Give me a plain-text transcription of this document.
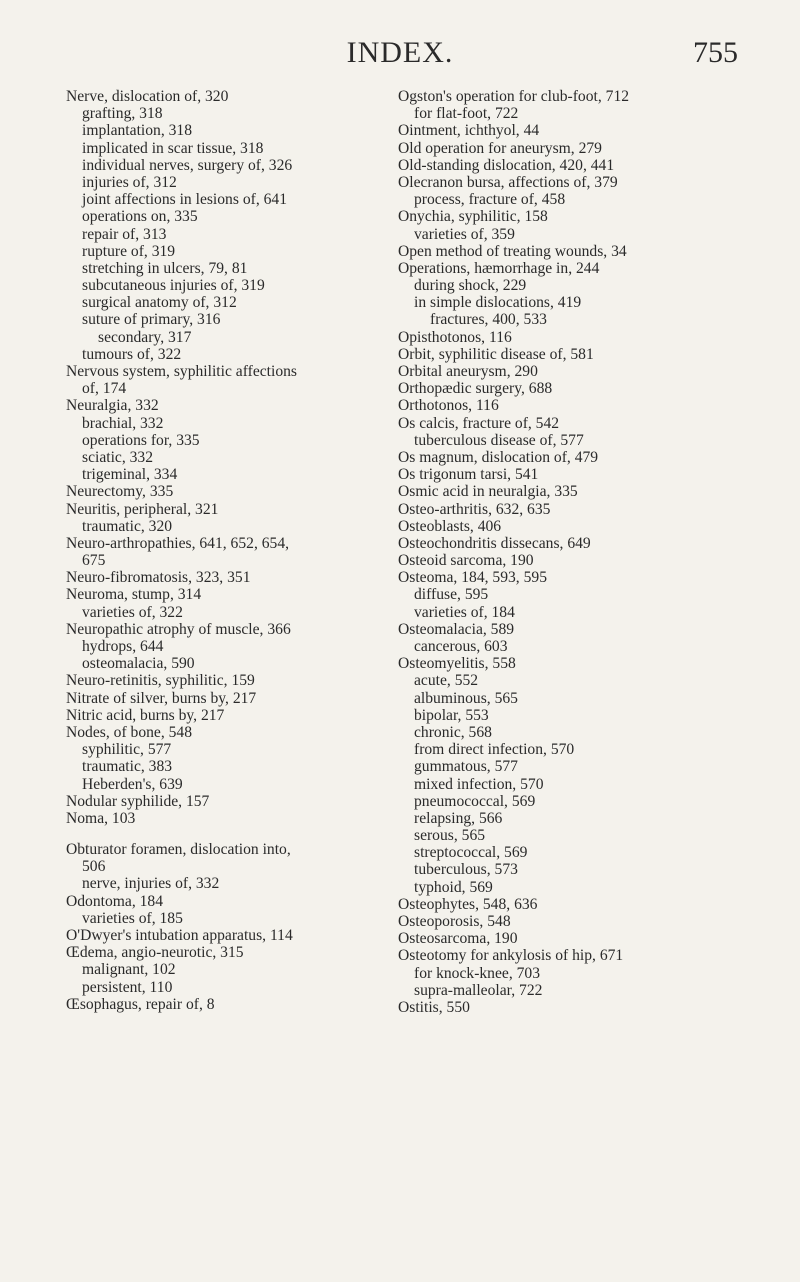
INDEX.	755
Nerve, dislocation of, 320
grafting, 318
implantation, 318
implicated in scar tissue, 318
individual nerves, surgery of, 326
injuries of, 312
joint affections in lesions of, 641
operations on, 335
repair of, 313
rupture of, 319
stretching in ulcers, 79, 81
subcutaneous injuries of, 319
surgical anatomy of, 312
suture of primary, 316
secondary, 317
tumours of, 322
Nervous system, syphilitic affections
of, 174
Neuralgia, 332
brachial, 332
operations for, 335
sciatic, 332
trigeminal, 334
Neurectomy, 335
Neuritis, peripheral, 321
traumatic, 320
Neuro-arthropathies, 641, 652, 654,
675
Neuro-fibromatosis, 323, 351
Neuroma, stump, 314
varieties of, 322
Neuropathic atrophy of muscle, 366
hydrops, 644
osteomalacia, 590
Neuro-retinitis, syphilitic, 159
Nitrate of silver, burns by, 217
Nitric acid, burns by, 217
Nodes, of bone, 548
syphilitic, 577
traumatic, 383
Heberden's, 639
Nodular syphilide, 157
Noma, 103
Obturator foramen, dislocation into,
506
nerve, injuries of, 332
Odontoma, 184
varieties of, 185
O'Dwyer's intubation apparatus, 114
Œdema, angio-neurotic, 315
malignant, 102
persistent, 110
Œsophagus, repair of, 8
Ogston's operation for club-foot, 712
for flat-foot, 722
Ointment, ichthyol, 44
Old operation for aneurysm, 279
Old-standing dislocation, 420, 441
Olecranon bursa, affections of, 379
process, fracture of, 458
Onychia, syphilitic, 158
varieties of, 359
Open method of treating wounds, 34
Operations, hæmorrhage in, 244
during shock, 229
in simple dislocations, 419
fractures, 400, 533
Opisthotonos, 116
Orbit, syphilitic disease of, 581
Orbital aneurysm, 290
Orthopædic surgery, 688
Orthotonos, 116
Os calcis, fracture of, 542
tuberculous disease of, 577
Os magnum, dislocation of, 479
Os trigonum tarsi, 541
Osmic acid in neuralgia, 335
Osteo-arthritis, 632, 635
Osteoblasts, 406
Osteochondritis dissecans, 649
Osteoid sarcoma, 190
Osteoma, 184, 593, 595
diffuse, 595
varieties of, 184
Osteomalacia, 589
cancerous, 603
Osteomyelitis, 558
acute, 552
albuminous, 565
bipolar, 553
chronic, 568
from direct infection, 570
gummatous, 577
mixed infection, 570
pneumococcal, 569
relapsing, 566
serous, 565
streptococcal, 569
tuberculous, 573
typhoid, 569
Osteophytes, 548, 636
Osteoporosis, 548
Osteosarcoma, 190
Osteotomy for ankylosis of hip, 671
for knock-knee, 703
supra-malleolar, 722
Ostitis, 550
